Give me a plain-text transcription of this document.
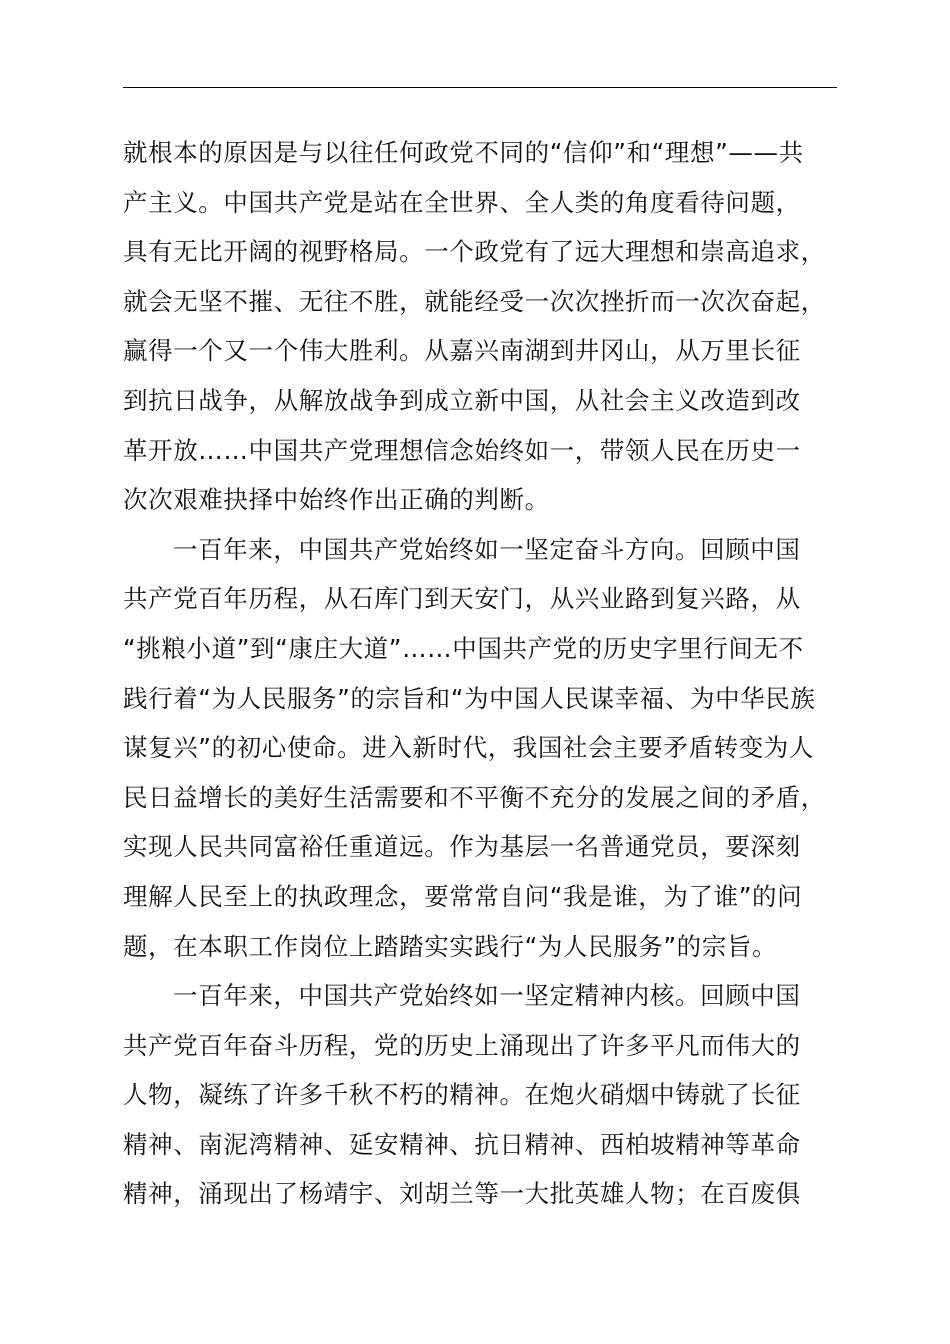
就根本的原因是与以往任何政党不同的“信仰”和“理想”——共
产主义。中国共产党是站在全世界、全人类的角度看待问题，
具有无比开阔的视野格局。一个政党有了远大理想和崇高追求，
就会无坚不摧、无往不胜，就能经受一次次挫折而一次次奋起，
赢得一个又一个伟大胜利。从嘉兴南湖到井冈山，从万里长征
到抗日战争，从解放战争到成立新中国，从社会主义改造到改
革开放……中国共产党理想信念始终如一，带领人民在历史一
次次艰难抉择中始终作出正确的判断。
一百年来，中国共产党始终如一坚定奋斗方向。回顾中国
共产党百年历程，从石库门到天安门，从兴业路到复兴路，从
“挑粮小道”到“康庄大道”……中国共产党的历史字里行间无不
践行着“为人民服务”的宗旨和“为中国人民谋幸福、为中华民族
谋复兴”的初心使命。进入新时代，我国社会主要矛盾转变为人
民日益增长的美好生活需要和不平衡不充分的发展之间的矛盾，
实现人民共同富裕任重道远。作为基层一名普通党员，要深刻
理解人民至上的执政理念，要常常自问“我是谁，为了谁”的问
题，在本职工作岗位上踏踏实实践行“为人民服务”的宗旨。
一百年来，中国共产党始终如一坚定精神内核。回顾中国
共产党百年奋斗历程，党的历史上涌现出了许多平凡而伟大的
人物，凝练了许多千秋不朽的精神。在炮火硝烟中铸就了长征
精神、南泥湾精神、延安精神、抗日精神、西柏坡精神等革命
精神，涌现出了杨靖宇、刘胡兰等一大批英雄人物；在百废俱
